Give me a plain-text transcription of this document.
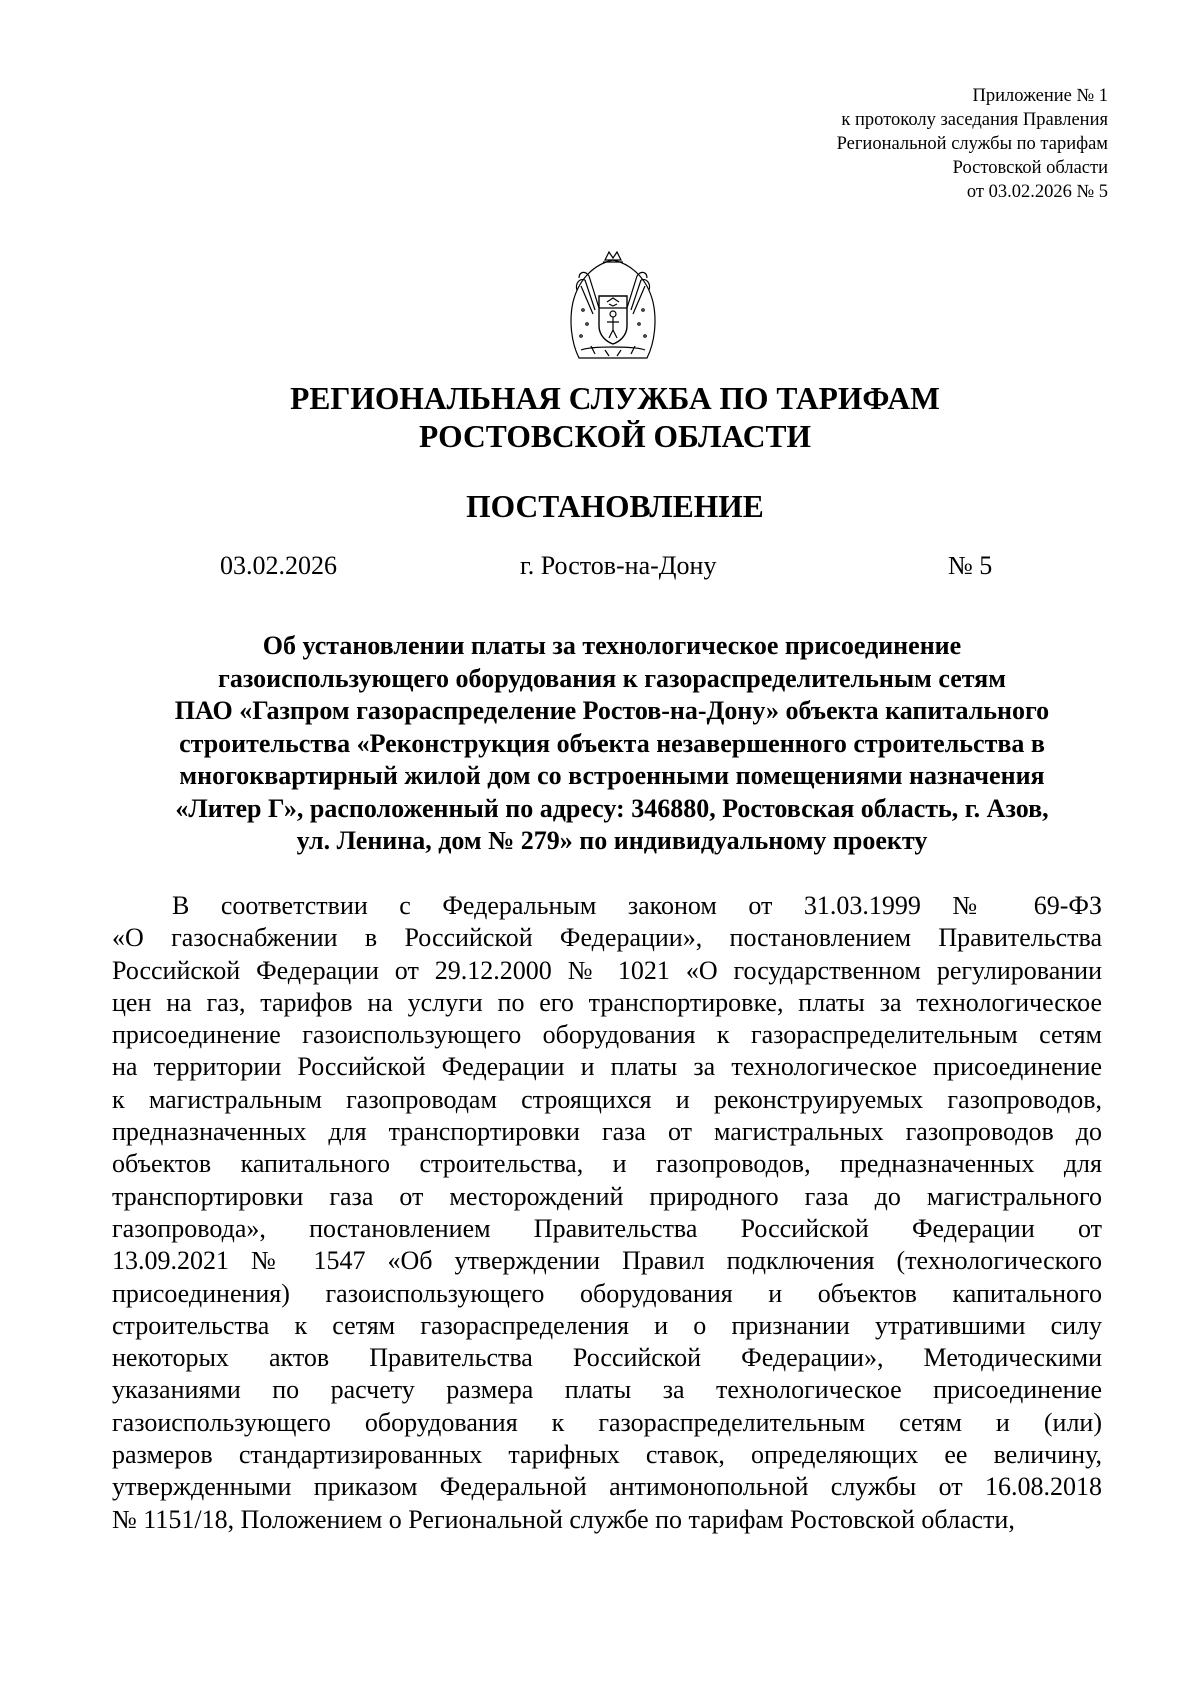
Приложение № 1
к протоколу заседания Правления
Региональной службы по тарифам
Ростовской области
от 03.02.2026 № 5
РЕГИОНАЛЬНАЯ СЛУЖБА ПО ТАРИФАМ
РОСТОВСКОЙ ОБЛАСТИ
ПОСТАНОВЛЕНИЕ
03.02.2026	г. Ростов-на-Дону	№ 5
Об установлении платы за технологическое присоединение
газоиспользующего оборудования к газораспределительным сетям
ПАО «Газпром газораспределение Ростов-на-Дону» объекта капитального
строительства «Реконструкция объекта незавершенного строительства в
многоквартирный жилой дом со встроенными помещениями назначения
«Литер Г», расположенный по адресу: 346880, Ростовская область, г. Азов,
ул. Ленина, дом № 279» по индивидуальному проекту
В соответствии с Федеральным законом от 31.03.1999 № 69-ФЗ
«О газоснабжении в Российской Федерации», постановлением Правительства
Российской Федерации от 29.12.2000 № 1021 «О государственном регулировании
цен на газ, тарифов на услуги по его транспортировке, платы за технологическое
присоединение газоиспользующего оборудования к газораспределительным сетям
на территории Российской Федерации и платы за технологическое присоединение
к магистральным газопроводам строящихся и реконструируемых газопроводов,
предназначенных для транспортировки газа от магистральных газопроводов до
объектов капитального строительства, и газопроводов, предназначенных для
транспортировки газа от месторождений природного газа до магистрального
газопровода», постановлением Правительства Российской Федерации от
13.09.2021 № 1547 «Об утверждении Правил подключения (технологического
присоединения) газоиспользующего оборудования и объектов капитального
строительства к сетям газораспределения и о признании утратившими силу
некоторых актов Правительства Российской Федерации», Методическими
указаниями по расчету размера платы за технологическое присоединение
газоиспользующего оборудования к газораспределительным сетям и (или)
размеров стандартизированных тарифных ставок, определяющих ее величину,
утвержденными приказом Федеральной антимонопольной службы от 16.08.2018
№ 1151/18, Положением о Региональной службе по тарифам Ростовской области,
